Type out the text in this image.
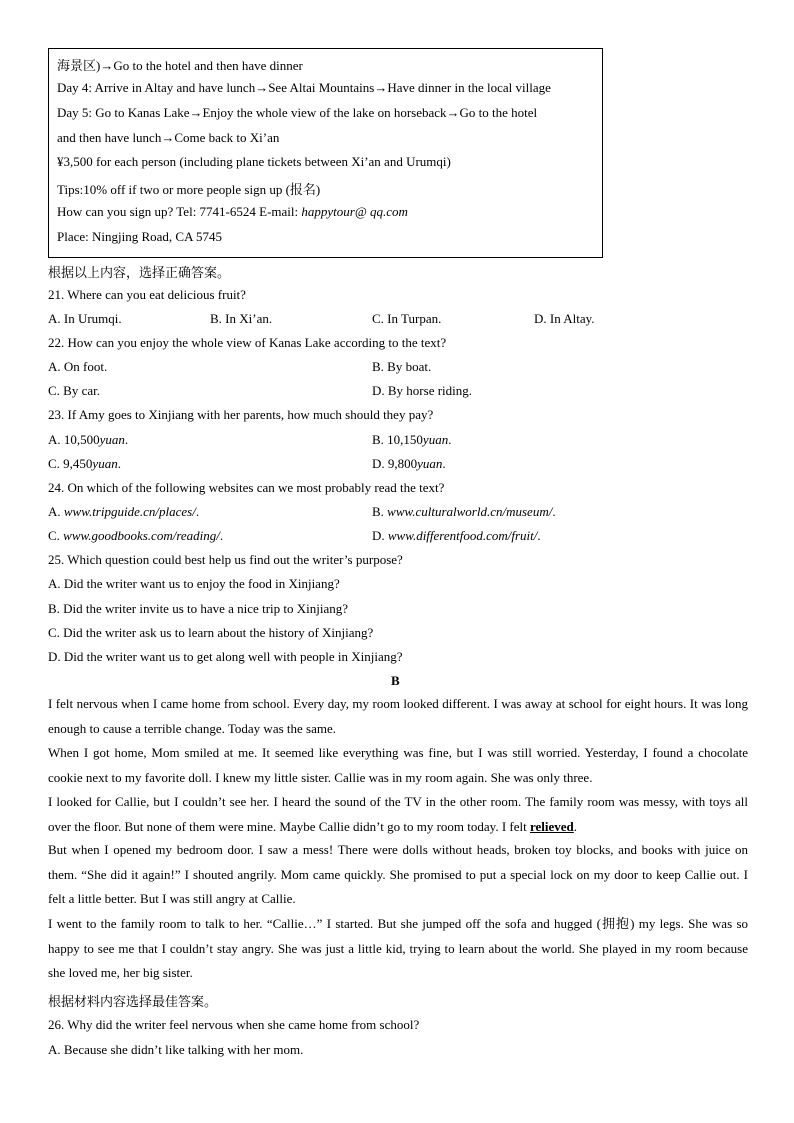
海景区)→Go to the hotel and then have dinner
Day 4: Arrive in Altay and have lunch→See Altai Mountains→Have dinner in the local village
Day 5: Go to Kanas Lake→Enjoy the whole view of the lake on horseback→Go to the hotel
and then have lunch→Come back to Xi’an
¥3,500 for each person (including plane tickets between Xi’an and Urumqi)
Tips:10% off if two or more people sign up (报名)
How can you sign up? Tel: 7741-6524 E-mail: happytour@ qq.com
Place: Ningjing Road, CA 5745
根据以上内容，选择正确答案。
21. Where can you eat delicious fruit?
A. In Urumqi.	B. In Xi’an.	C. In Turpan.	D. In Altay.
22. How can you enjoy the whole view of Kanas Lake according to the text?
A. On foot.	B. By boat.
C. By car.	D. By horse riding.
23. If Amy goes to Xinjiang with her parents, how much should they pay?
A. 10,500yuan.	B. 10,150yuan.
C. 9,450yuan.	D. 9,800yuan.
24. On which of the following websites can we most probably read the text?
A. www.tripguide.cn/places/.	B. www.culturalworld.cn/museum/.
C. www.goodbooks.com/reading/.	D. www.differentfood.com/fruit/.
25. Which question could best help us find out the writer’s purpose?
A. Did the writer want us to enjoy the food in Xinjiang?
B. Did the writer invite us to have a nice trip to Xinjiang?
C. Did the writer ask us to learn about the history of Xinjiang?
D. Did the writer want us to get along well with people in Xinjiang?
B
I felt nervous when I came home from school. Every day, my room looked different. I was away at school for eight hours. It was long enough to cause a terrible change. Today was the same.
When I got home, Mom smiled at me. It seemed like everything was fine, but I was still worried. Yesterday, I found a chocolate cookie next to my favorite doll. I knew my little sister. Callie was in my room again. She was only three.
I looked for Callie, but I couldn’t see her. I heard the sound of the TV in the other room. The family room was messy, with toys all over the floor. But none of them were mine. Maybe Callie didn’t go to my room today. I felt relieved.
But when I opened my bedroom door. I saw a mess! There were dolls without heads, broken toy blocks, and books with juice on them. “She did it again!” I shouted angrily. Mom came quickly. She promised to put a special lock on my door to keep Callie out. I felt a little better. But I was still angry at Callie.
I went to the family room to talk to her. “Callie…” I started. But she jumped off the sofa and hugged (拥抱) my legs. She was so happy to see me that I couldn’t stay angry. She was just a little kid, trying to learn about the world. She played in my room because she loved me, her big sister.
根据材料内容选择最佳答案。
26. Why did the writer feel nervous when she came home from school?
A. Because she didn’t like talking with her mom.
